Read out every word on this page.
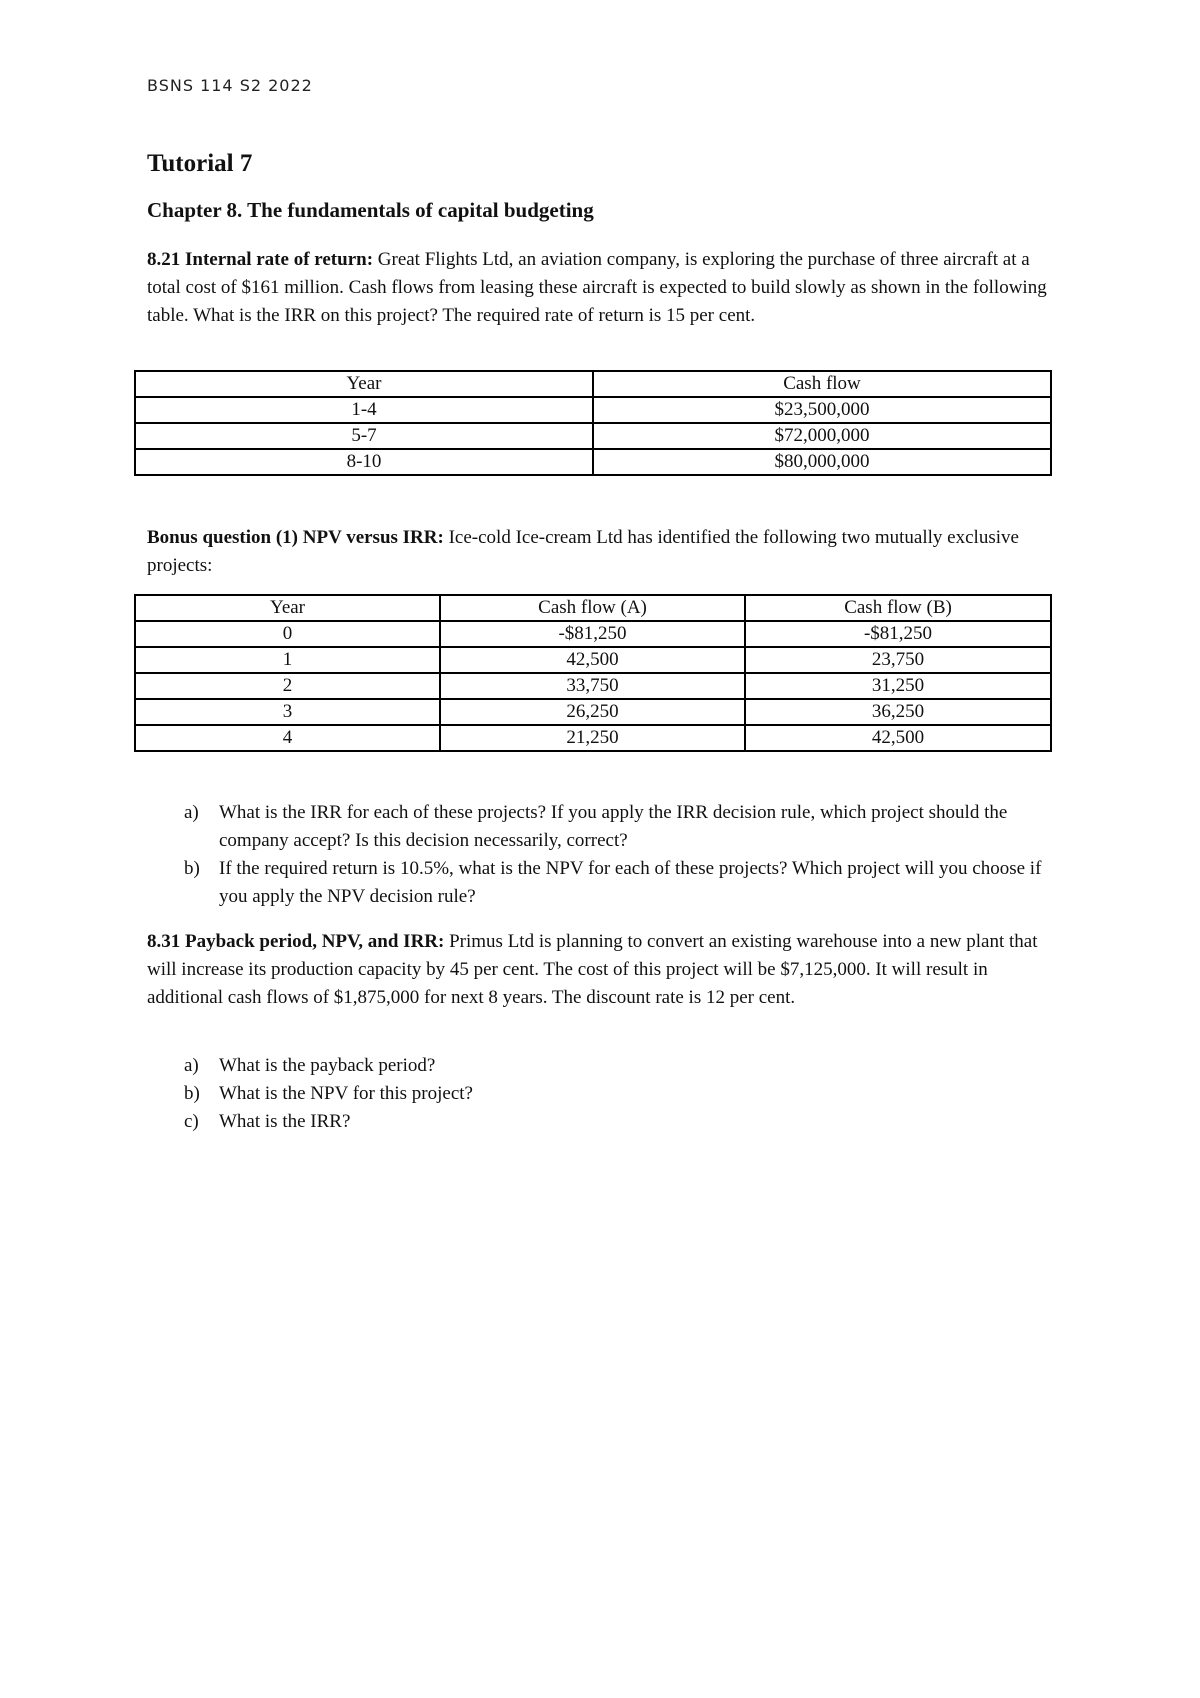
BSNS 114 S2 2022
Tutorial 7
Chapter 8. The fundamentals of capital budgeting

8.21 Internal rate of return: Great Flights Ltd, an aviation company, is exploring the purchase of three aircraft at a total cost of $161 million. Cash flows from leasing these aircraft is expected to build slowly as shown in the following table. What is the IRR on this project? The required rate of return is 15 per cent.

Year	Cash flow
1-4	$23,500,000
5-7	$72,000,000
8-10	$80,000,000

Bonus question (1) NPV versus IRR: Ice-cold Ice-cream Ltd has identified the following two mutually exclusive projects:

Year	Cash flow (A)	Cash flow (B)
0	-$81,250	-$81,250
1	42,500	23,750
2	33,750	31,250
3	26,250	36,250
4	21,250	42,500
a)	What is the IRR for each of these projects? If you apply the IRR decision rule, which project should the company accept? Is this decision necessarily, correct?
b)	If the required return is 10.5%, what is the NPV for each of these projects? Which project will you choose if you apply the NPV decision rule?

8.31 Payback period, NPV, and IRR: Primus Ltd is planning to convert an existing warehouse into a new plant that will increase its production capacity by 45 per cent. The cost of this project will be $7,125,000. It will result in additional cash flows of $1,875,000 for next 8 years. The discount rate is 12 per cent.

a)	What is the payback period?
b)	What is the NPV for this project?
c)	What is the IRR?
